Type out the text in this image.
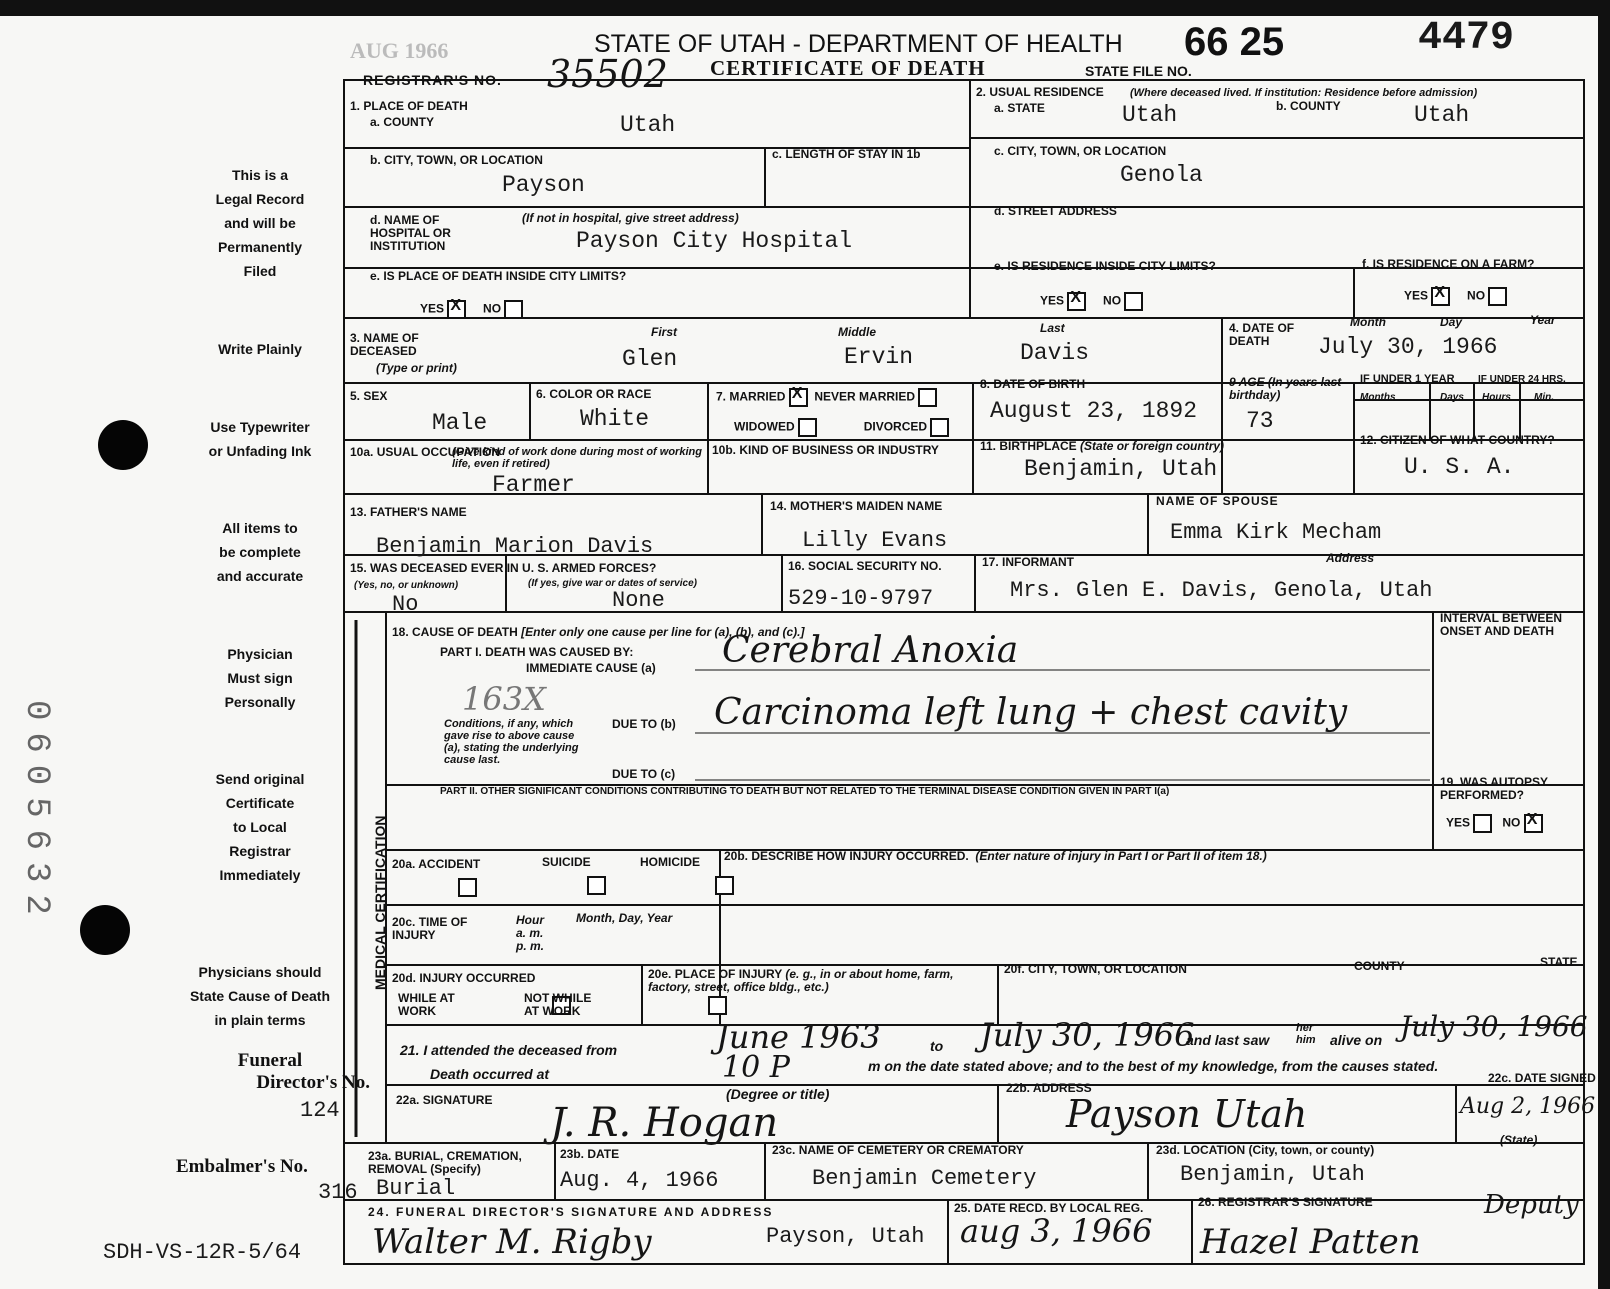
This is a
Legal Record
and will be
Permanently
Filed
Write Plainly
Use Typewriter
or Unfading Ink
All items to
be complete
and accurate
Physician
Must sign
Personally
Send original
Certificate
to Local
Registrar
Immediately
Physicians should
State Cause of Death
in plain terms
Funeral
Director's No.
124
Embalmer's No.
316
SDH-VS-12R-5/64
0605632
AUG 1966	STATE OF UTAH - DEPARTMENT OF HEALTH 66 25	4479
REGISTRAR'S NO. 35502 CERTIFICATE OF DEATH	STATE FILE NO.
1. PLACE OF DEATH
a. COUNTY	Utah
2. USUAL RESIDENCE (Where deceased lived. If institution: Residence before admission)
a. STATE	Utah	b. COUNTY	Utah
b. CITY, TOWN, OR LOCATION
Payson
c. LENGTH OF STAY IN 1b	c. CITY, TOWN, OR LOCATION
Genola
d. NAME OF HOSPITAL OR INSTITUTION
(If not in hospital, give street address)
Payson City Hospital
d. STREET ADDRESS
e. IS PLACE OF DEATH INSIDE CITY LIMITS?
YES X	NO
e. IS RESIDENCE INSIDE CITY LIMITS?
YES X	NO
f. IS RESIDENCE ON A FARM?
YES X	NO
3. NAME OF DECEASED
(Type or print)
First	Middle	Last
Glen	Ervin	Davis
4. DATE OF DEATH
Month	Day	Year
July 30, 1966
5. SEX
Male
6. COLOR OR RACE
White
7. MARRIED X NEVER MARRIED
WIDOWED	DIVORCED
8. DATE OF BIRTH
August 23, 1892
9 AGE (In years last birthday)
73
IF UNDER 1 YEAR IF UNDER 24 HRS.
Months	Days Hours Min.
10a. USUAL OCCUPATION
(Give kind of work done during most of working life, even if retired)
Farmer
10b. KIND OF BUSINESS OR INDUSTRY	11. BIRTHPLACE (State or foreign country)
Benjamin, Utah
12. CITIZEN OF WHAT COUNTRY?
U. S. A.
13. FATHER'S NAME
Benjamin Marion Davis
14. MOTHER'S MAIDEN NAME
Lilly Evans
NAME OF SPOUSE
Emma Kirk Mecham
15. WAS DECEASED EVER IN U. S. ARMED FORCES?
(Yes, no, or unknown)	(If yes, give war or dates of service)
No	None
16. SOCIAL SECURITY NO.
529-10-9797
17. INFORMANT	Address
Mrs. Glen E. Davis, Genola, Utah
MEDICAL CERTIFICATION
18. CAUSE OF DEATH [Enter only one cause per line for (a), (b), and (c).]
INTERVAL BETWEEN ONSET AND DEATH
PART I. DEATH WAS CAUSED BY:
IMMEDIATE CAUSE (a) Cerebral Anoxia
163X
Conditions, if any, which gave rise to above cause (a), stating the underlying cause last.
DUE TO (b) Carcinoma left lung + chest cavity
DUE TO (c)
PART II. OTHER SIGNIFICANT CONDITIONS CONTRIBUTING TO DEATH BUT NOT RELATED TO THE TERMINAL DISEASE CONDITION GIVEN IN PART I(a)
19. WAS AUTOPSY PERFORMED?
YES	NO X
20a. ACCIDENT	SUICIDE	HOMICIDE
20b. DESCRIBE HOW INJURY OCCURRED. (Enter nature of injury in Part I or Part II of item 18.)
20c. TIME OF INJURY
Hour
a. m.
p. m.
Month, Day, Year
20d. INJURY OCCURRED
WHILE AT WORK

NOT WHILE AT WORK
20e. PLACE OF INJURY (e. g., in or about home, farm, factory, street, office bldg., etc.)
20f. CITY, TOWN, OR LOCATION	COUNTY	STATE
21. I attended the deceased from	June 1963	to July 30, 1966
and last saw
her him	alive on July 30, 1966
Death occurred at	10 P	m on the date stated above; and to the best of my knowledge, from the causes stated.
22a. SIGNATURE	(Degree or title)
J. R. Hogan
22b. ADDRESS
Payson Utah
22c. DATE SIGNED
Aug 2, 1966
(State)
23a. BURIAL, CREMATION, REMOVAL (Specify)
Burial
23b. DATE
Aug. 4, 1966
23c. NAME OF CEMETERY OR CREMATORY
Benjamin Cemetery
23d. LOCATION (City, town, or county)
Benjamin, Utah
24. FUNERAL DIRECTOR'S SIGNATURE AND ADDRESS
Walter M. Rigby	Payson, Utah
25. DATE RECD. BY LOCAL REG.
aug 3, 1966
26. REGISTRAR'S SIGNATURE	Deputy
Hazel Patten
